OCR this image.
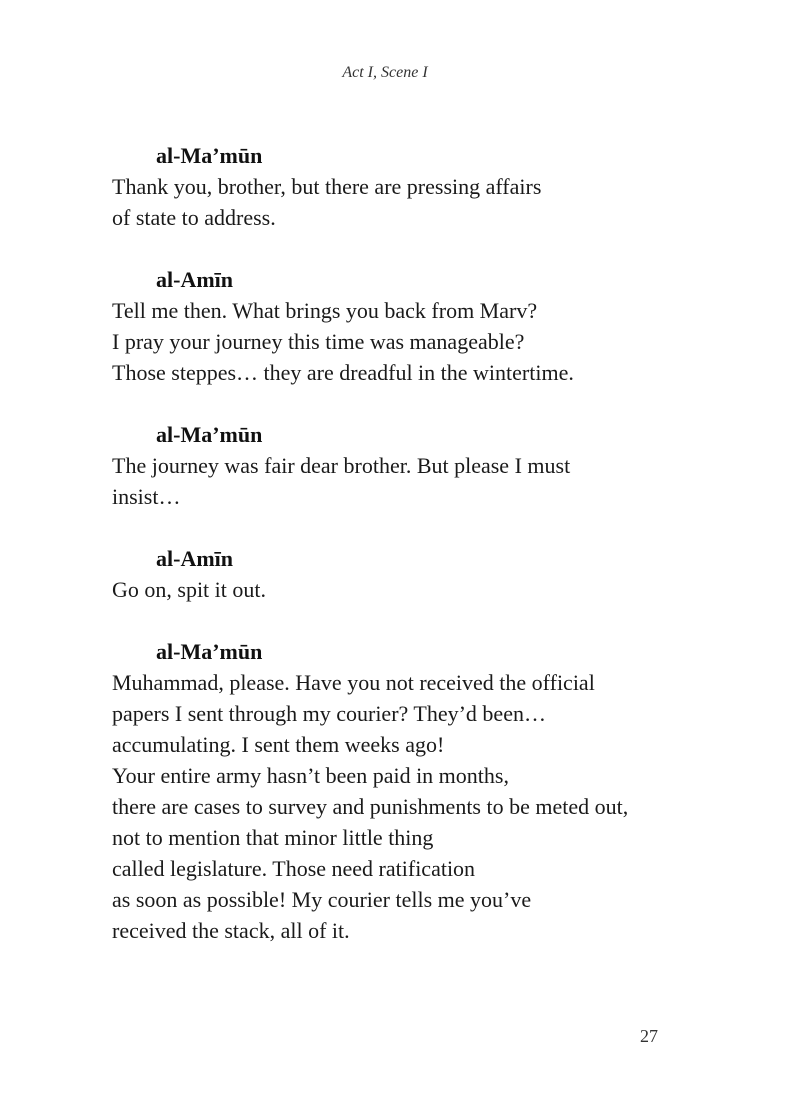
Act I, Scene I
al-Ma’mūn
Thank you, brother, but there are pressing affairs
of state to address.
al-Amīn
Tell me then. What brings you back from Marv?
I pray your journey this time was manageable?
Those steppes… they are dreadful in the wintertime.
al-Ma’mūn
The journey was fair dear brother. But please I must
insist…
al-Amīn
Go on, spit it out.
al-Ma’mūn
Muhammad, please. Have you not received the official
papers I sent through my courier? They’d been…
accumulating. I sent them weeks ago!
Your entire army hasn’t been paid in months,
there are cases to survey and punishments to be meted out,
not to mention that minor little thing
called legislature. Those need ratification
as soon as possible! My courier tells me you’ve
received the stack, all of it.
27
